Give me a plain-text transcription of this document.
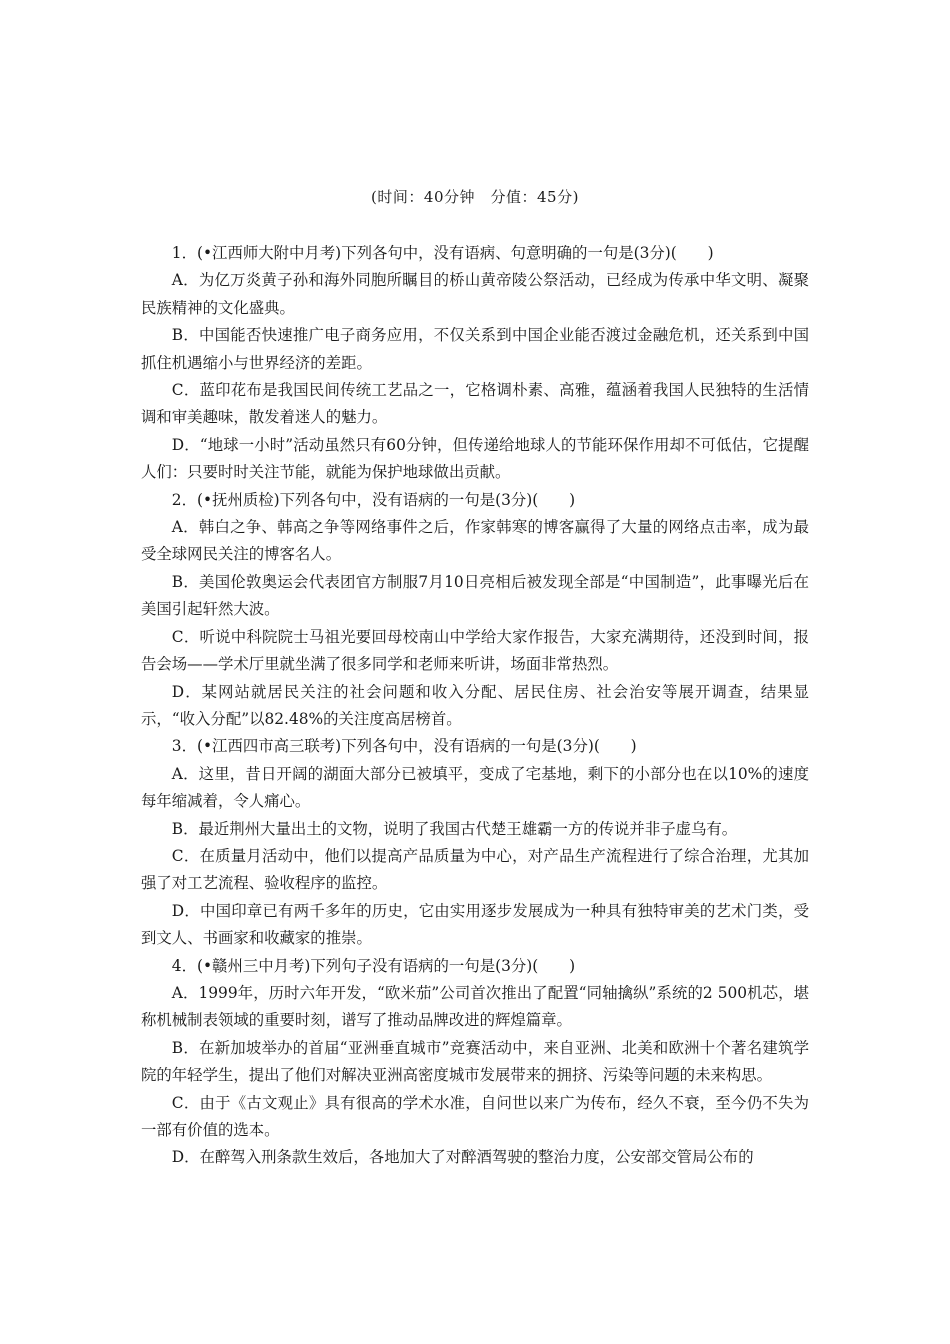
(时间：40分钟　分值：45分)

1．(•江西师大附中月考)下列各句中，没有语病、句意明确的一句是(3分)(　　)

A．为亿万炎黄子孙和海外同胞所瞩目的桥山黄帝陵公祭活动，已经成为传承中华文明、凝聚民族精神的文化盛典。

B．中国能否快速推广电子商务应用，不仅关系到中国企业能否渡过金融危机，还关系到中国抓住机遇缩小与世界经济的差距。

C．蓝印花布是我国民间传统工艺品之一，它格调朴素、高雅，蕴涵着我国人民独特的生活情调和审美趣味，散发着迷人的魅力。

D．“地球一小时”活动虽然只有60分钟，但传递给地球人的节能环保作用却不可低估，它提醒人们：只要时时关注节能，就能为保护地球做出贡献。

2．(•抚州质检)下列各句中，没有语病的一句是(3分)(　　)

A．韩白之争、韩高之争等网络事件之后，作家韩寒的博客赢得了大量的网络点击率，成为最受全球网民关注的博客名人。

B．美国伦敦奥运会代表团官方制服7月10日亮相后被发现全部是“中国制造”，此事曝光后在美国引起轩然大波。

C．听说中科院院士马祖光要回母校南山中学给大家作报告，大家充满期待，还没到时间，报告会场——学术厅里就坐满了很多同学和老师来听讲，场面非常热烈。

D．某网站就居民关注的社会问题和收入分配、居民住房、社会治安等展开调查，结果显示，“收入分配”以82.48%的关注度高居榜首。

3．(•江西四市高三联考)下列各句中，没有语病的一句是(3分)(　　)

A．这里，昔日开阔的湖面大部分已被填平，变成了宅基地，剩下的小部分也在以10%的速度每年缩减着，令人痛心。

B．最近荆州大量出土的文物，说明了我国古代楚王雄霸一方的传说并非子虚乌有。

C．在质量月活动中，他们以提高产品质量为中心，对产品生产流程进行了综合治理，尤其加强了对工艺流程、验收程序的监控。

D．中国印章已有两千多年的历史，它由实用逐步发展成为一种具有独特审美的艺术门类，受到文人、书画家和收藏家的推崇。

4．(•赣州三中月考)下列句子没有语病的一句是(3分)(　　)

A．1999年，历时六年开发，“欧米茄”公司首次推出了配置“同轴擒纵”系统的2 500机芯，堪称机械制表领域的重要时刻，谱写了推动品牌改进的辉煌篇章。

B．在新加坡举办的首届“亚洲垂直城市”竞赛活动中，来自亚洲、北美和欧洲十个著名建筑学院的年轻学生，提出了他们对解决亚洲高密度城市发展带来的拥挤、污染等问题的未来构思。

C．由于《古文观止》具有很高的学术水准，自问世以来广为传布，经久不衰，至今仍不失为一部有价值的选本。

D．在醉驾入刑条款生效后，各地加大了对醉酒驾驶的整治力度，公安部交管局公布的
